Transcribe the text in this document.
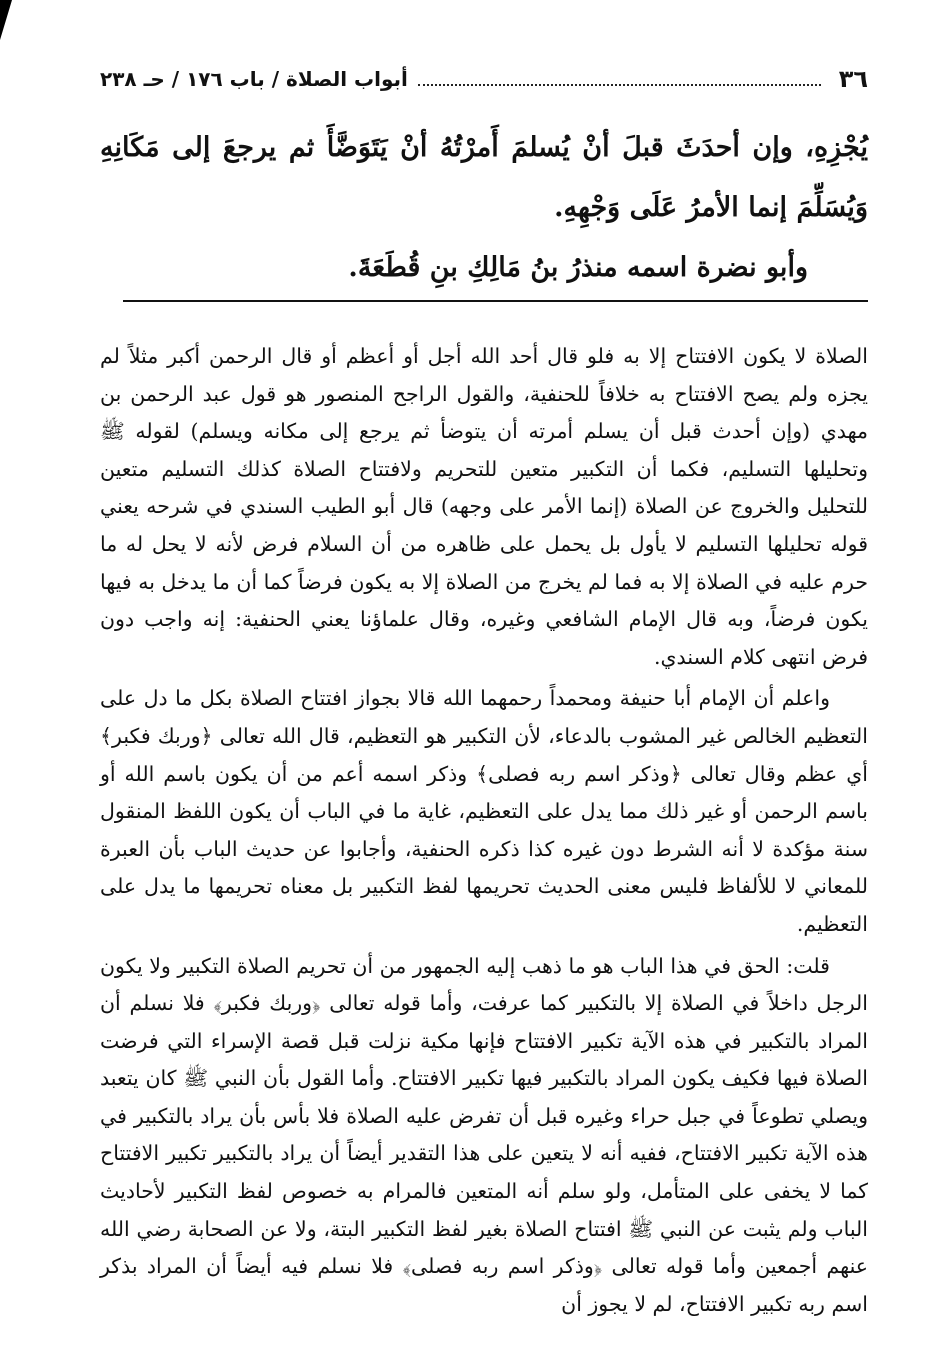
٣٦
أبواب الصلاة / باب ١٧٦ / حـ ٢٣٨

يُجْزِهِ، وإن أحدَثَ قبلَ أنْ يُسلمَ أَمرْتُهُ أنْ يَتَوَضَّأَ ثم يرجعَ إلى مَكَانِهِ وَيُسَلِّمَ إنما الأمرُ عَلَى وَجْهِهِ.

وأبو نضرة اسمه منذرُ بنُ مَالِكِ بنِ قُطَعَةَ.

الصلاة لا يكون الافتتاح إلا به فلو قال أحد الله أجل أو أعظم أو قال الرحمن أكبر مثلاً لم يجزه ولم يصح الافتتاح به خلافاً للحنفية، والقول الراجح المنصور هو قول عبد الرحمن بن مهدي (وإن أحدث قبل أن يسلم أمرته أن يتوضأ ثم يرجع إلى مكانه ويسلم) لقوله ﷺ وتحليلها التسليم، فكما أن التكبير متعين للتحريم ولافتتاح الصلاة كذلك التسليم متعين للتحليل والخروج عن الصلاة (إنما الأمر على وجهه) قال أبو الطيب السندي في شرحه يعني قوله تحليلها التسليم لا يأول بل يحمل على ظاهره من أن السلام فرض لأنه لا يحل له ما حرم عليه في الصلاة إلا به فما لم يخرج من الصلاة إلا به يكون فرضاً كما أن ما يدخل به فيها يكون فرضاً، وبه قال الإمام الشافعي وغيره، وقال علماؤنا يعني الحنفية: إنه واجب دون فرض انتهى كلام السندي.

واعلم أن الإمام أبا حنيفة ومحمداً رحمهما الله قالا بجواز افتتاح الصلاة بكل ما دل على التعظيم الخالص غير المشوب بالدعاء، لأن التكبير هو التعظيم، قال الله تعالى ﴿وربك فكبر﴾ أي عظم وقال تعالى ﴿وذكر اسم ربه فصلى﴾ وذكر اسمه أعم من أن يكون باسم الله أو باسم الرحمن أو غير ذلك مما يدل على التعظيم، غاية ما في الباب أن يكون اللفظ المنقول سنة مؤكدة لا أنه الشرط دون غيره كذا ذكره الحنفية، وأجابوا عن حديث الباب بأن العبرة للمعاني لا للألفاظ فليس معنى الحديث تحريمها لفظ التكبير بل معناه تحريمها ما يدل على التعظيم.

قلت: الحق في هذا الباب هو ما ذهب إليه الجمهور من أن تحريم الصلاة التكبير ولا يكون الرجل داخلاً في الصلاة إلا بالتكبير كما عرفت، وأما قوله تعالى ﴿وربك فكبر﴾ فلا نسلم أن المراد بالتكبير في هذه الآية تكبير الافتتاح فإنها مكية نزلت قبل قصة الإسراء التي فرضت الصلاة فيها فكيف يكون المراد بالتكبير فيها تكبير الافتتاح. وأما القول بأن النبي ﷺ كان يتعبد ويصلي تطوعاً في جبل حراء وغيره قبل أن تفرض عليه الصلاة فلا بأس بأن يراد بالتكبير في هذه الآية تكبير الافتتاح، ففيه أنه لا يتعين على هذا التقدير أيضاً أن يراد بالتكبير تكبير الافتتاح كما لا يخفى على المتأمل، ولو سلم أنه المتعين فالمرام به خصوص لفظ التكبير لأحاديث الباب ولم يثبت عن النبي ﷺ افتتاح الصلاة بغير لفظ التكبير البتة، ولا عن الصحابة رضي الله عنهم أجمعين وأما قوله تعالى ﴿وذكر اسم ربه فصلى﴾ فلا نسلم فيه أيضاً أن المراد بذكر اسم ربه تكبير الافتتاح، لم لا يجوز أن
